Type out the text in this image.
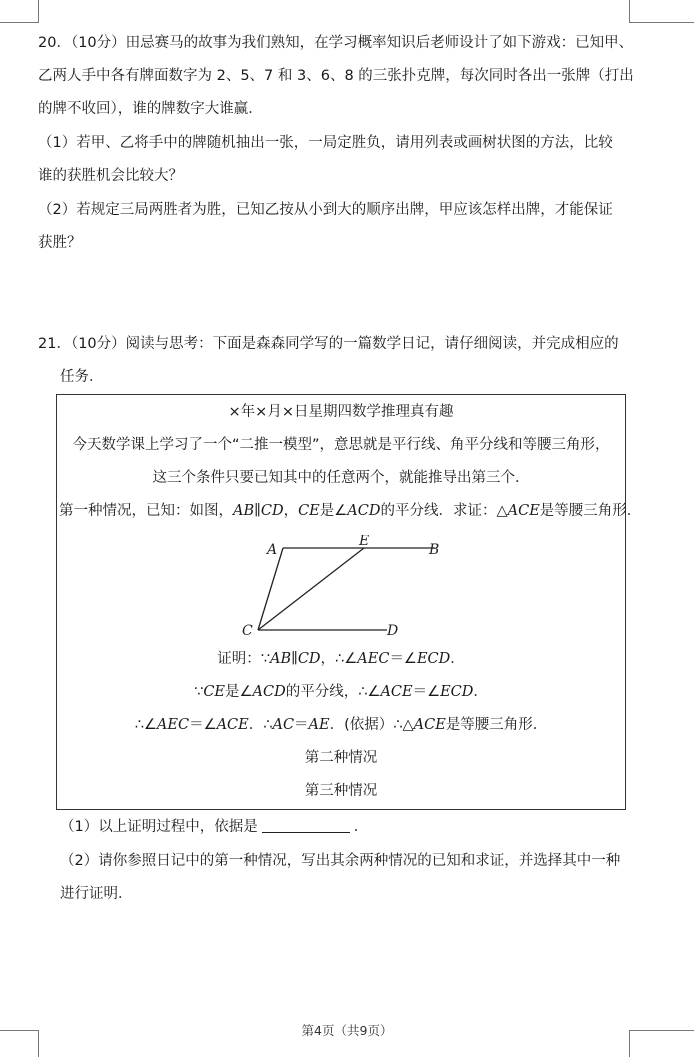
20．（10分）田忌赛马的故事为我们熟知，在学习概率知识后老师设计了如下游戏：已知甲、
乙两人手中各有牌面数字为 2、5、7 和 3、6、8 的三张扑克牌，每次同时各出一张牌（打出
的牌不收回），谁的牌数字大谁赢．
（1）若甲、乙将手中的牌随机抽出一张，一局定胜负，请用列表或画树状图的方法，比较
谁的获胜机会比较大？
（2）若规定三局两胜者为胜，已知乙按从小到大的顺序出牌，甲应该怎样出牌，才能保证
获胜？
21．（10分）阅读与思考：下面是森森同学写的一篇数学日记，请仔细阅读，并完成相应的
任务．
×年×月×日星期四数学推理真有趣
今天数学课上学习了一个“二推一模型”，意思就是平行线、角平分线和等腰三角形，
这三个条件只要已知其中的任意两个，就能推导出第三个．
第一种情况，已知：如图，AB∥CD，CE是∠ACD的平分线．求证：△ACE是等腰三角形．
A
E
B
C	D
证明：∵AB∥CD，∴∠AEC＝∠ECD．
∵CE是∠ACD的平分线，∴∠ACE＝∠ECD．
∴∠AEC＝∠ACE．∴AC＝AE．(依据）∴△ACE是等腰三角形．
第二种情况
第三种情况
（1）以上证明过程中，依据是	．
（2）请你参照日记中的第一种情况，写出其余两种情况的已知和求证，并选择其中一种
进行证明．
第4页（共9页）
